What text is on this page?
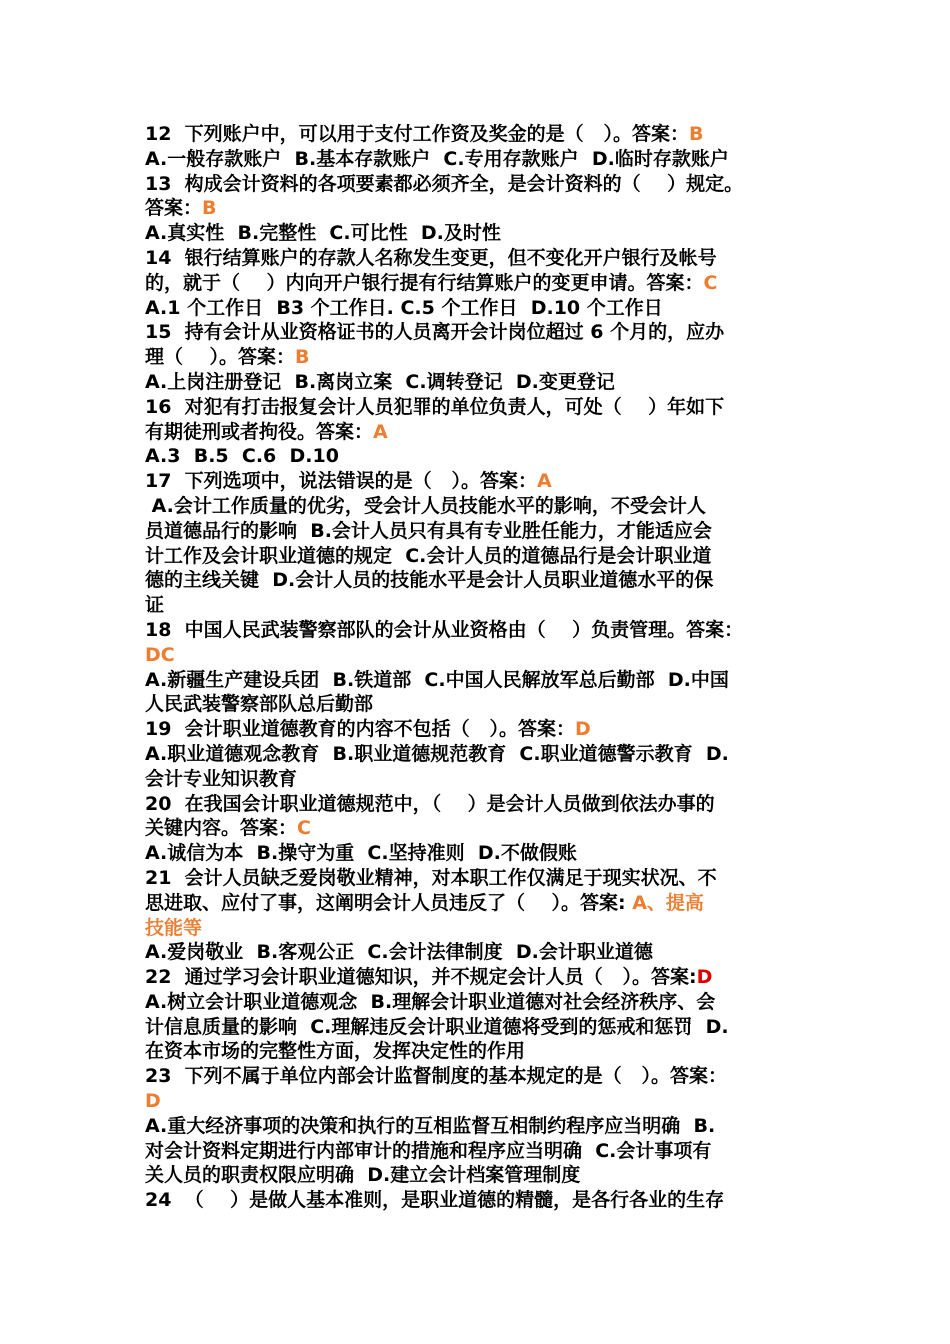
12  下列账户中，可以用于支付工作资及奖金的是（   ）。答案：B
A.一般存款账户  B.基本存款账户  C.专用存款账户  D.临时存款账户
13  构成会计资料的各项要素都必须齐全，是会计资料的（    ）规定。
答案：B
A.真实性  B.完整性  C.可比性  D.及时性
14  银行结算账户的存款人名称发生变更，但不变化开户银行及帐号
的，就于（    ）内向开户银行提有行结算账户的变更申请。答案：C
A.1 个工作日  B3 个工作日. C.5 个工作日  D.10 个工作日
15  持有会计从业资格证书的人员离开会计岗位超过 6 个月的，应办
理（    ）。答案：B
A.上岗注册登记  B.离岗立案  C.调转登记  D.变更登记
16  对犯有打击报复会计人员犯罪的单位负责人，可处（    ）年如下
有期徒刑或者拘役。答案：A
A.3  B.5  C.6  D.10
17  下列选项中，说法错误的是（   ）。答案：A
A.会计工作质量的优劣，受会计人员技能水平的影响，不受会计人
员道德品行的影响  B.会计人员只有具有专业胜任能力，才能适应会
计工作及会计职业道德的规定  C.会计人员的道德品行是会计职业道
德的主线关键  D.会计人员的技能水平是会计人员职业道德水平的保
证
18  中国人民武装警察部队的会计从业资格由（    ）负责管理。答案：
DC
A.新疆生产建设兵团  B.铁道部  C.中国人民解放军总后勤部  D.中国
人民武装警察部队总后勤部
19  会计职业道德教育的内容不包括（   ）。答案：D
A.职业道德观念教育  B.职业道德规范教育  C.职业道德警示教育  D.
会计专业知识教育
20  在我国会计职业道德规范中，（    ）是会计人员做到依法办事的
关键内容。答案：C
A.诚信为本  B.操守为重  C.坚持准则  D.不做假账
21  会计人员缺乏爱岗敬业精神，对本职工作仅满足于现实状况、不
思进取、应付了事，这阐明会计人员违反了（    ）。答案: A、提高
技能等
A.爱岗敬业  B.客观公正  C.会计法律制度  D.会计职业道德
22  通过学习会计职业道德知识，并不规定会计人员（   ）。答案:D
A.树立会计职业道德观念  B.理解会计职业道德对社会经济秩序、会
计信息质量的影响  C.理解违反会计职业道德将受到的惩戒和惩罚  D.
在资本市场的完整性方面，发挥决定性的作用
23  下列不属于单位内部会计监督制度的基本规定的是（   ）。答案：
D
A.重大经济事项的决策和执行的互相监督互相制约程序应当明确  B.
对会计资料定期进行内部审计的措施和程序应当明确  C.会计事项有
关人员的职责权限应明确  D.建立会计档案管理制度
24  （    ）是做人基本准则，是职业道德的精髓，是各行各业的生存
